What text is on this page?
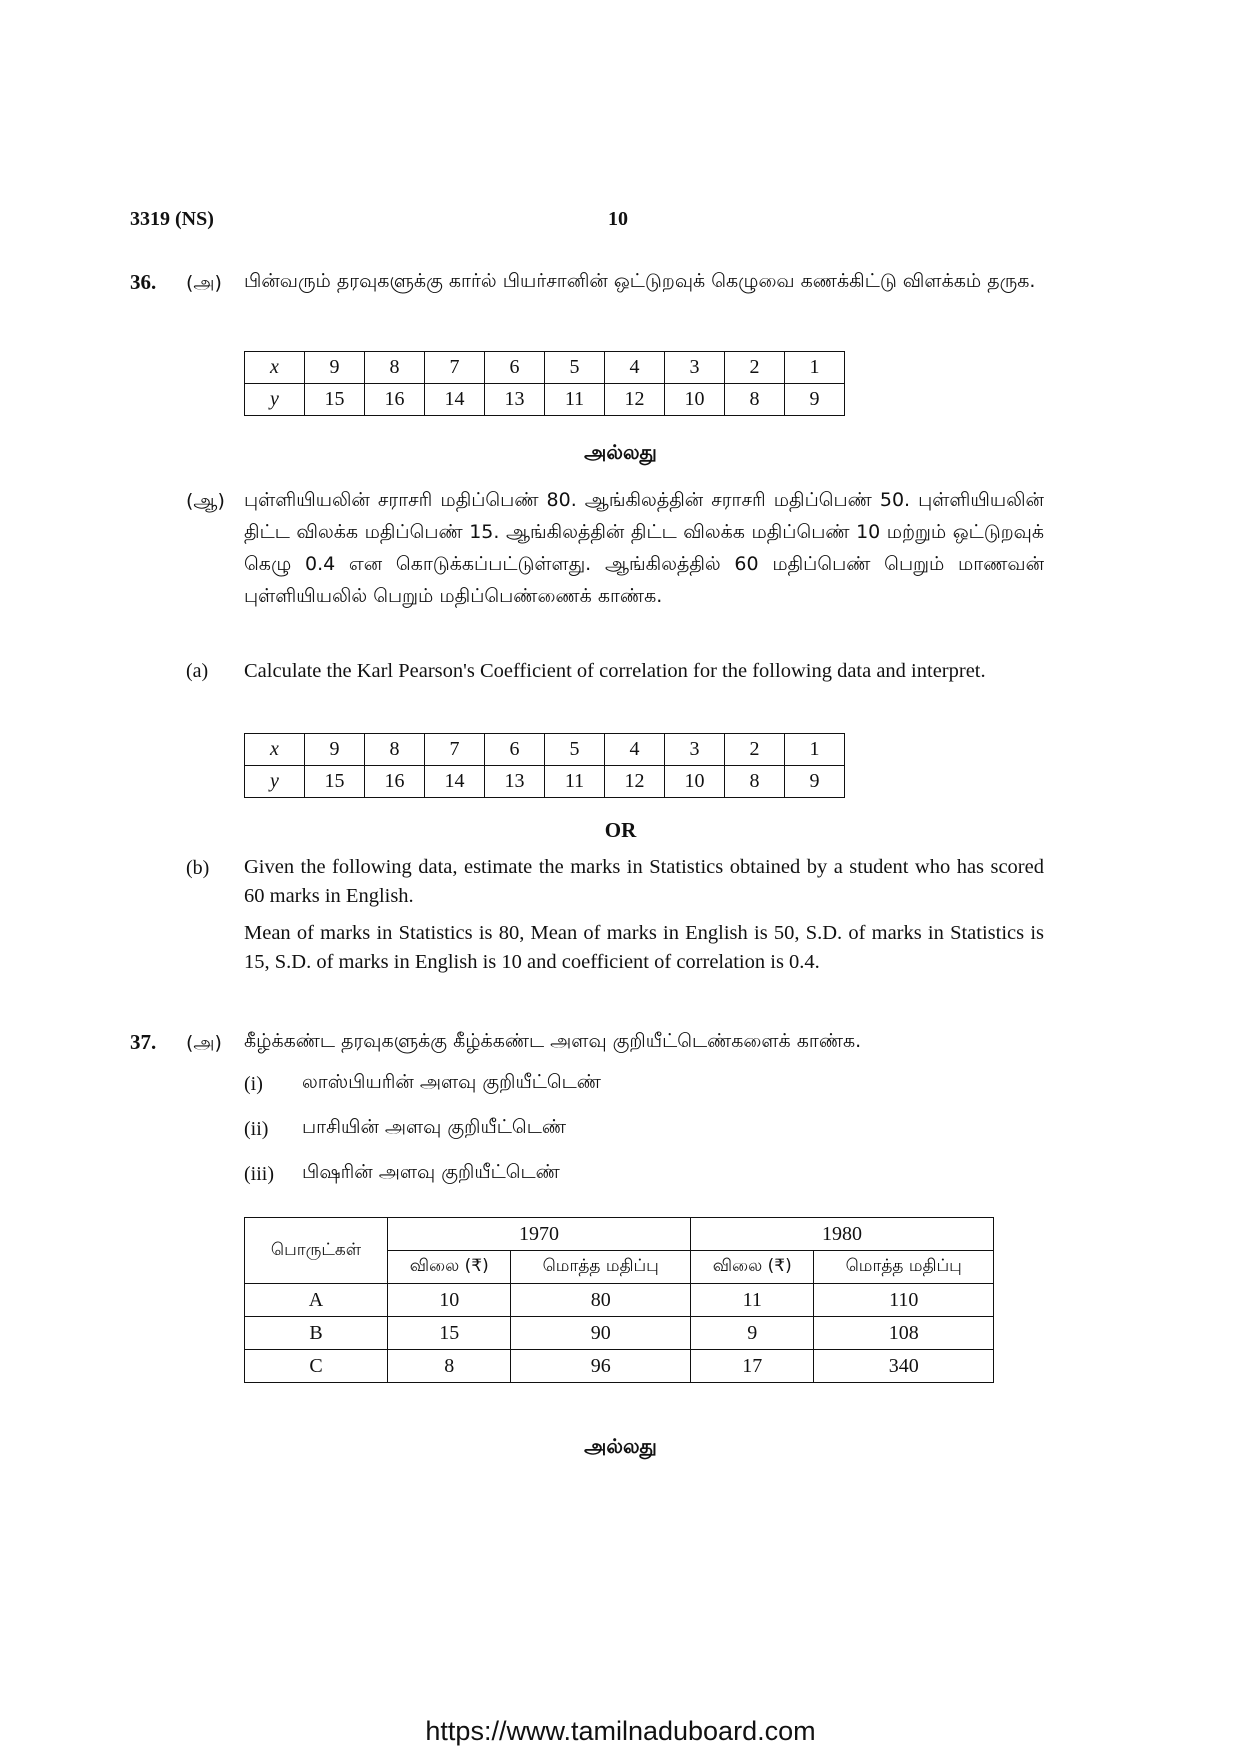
3319 (NS)	10
36. (அ) பின்வரும் தரவுகளுக்கு கார்ல் பியர்சானின் ஒட்டுறவுக் கெழுவை கணக்கிட்டு விளக்கம் தருக.
x	9	8	7	6	5	4	3	2	1
y	15	16	14	13	11	12	10	8	9
அல்லது
(ஆ) புள்ளியியலின் சராசரி மதிப்பெண் 80. ஆங்கிலத்தின் சராசரி மதிப்பெண் 50. புள்ளியியலின் திட்ட விலக்க மதிப்பெண் 15. ஆங்கிலத்தின் திட்ட விலக்க மதிப்பெண் 10 மற்றும் ஒட்டுறவுக் கெழு 0.4 என கொடுக்கப்பட்டுள்ளது. ஆங்கிலத்தில் 60 மதிப்பெண் பெறும் மாணவன் புள்ளியியலில் பெறும் மதிப்பெண்ணைக் காண்க.
(a) Calculate the Karl Pearson's Coefficient of correlation for the following data and interpret.
x	9	8	7	6	5	4	3	2	1
y	15	16	14	13	11	12	10	8	9
OR
(b) Given the following data, estimate the marks in Statistics obtained by a student who has scored 60 marks in English.
Mean of marks in Statistics is 80, Mean of marks in English is 50, S.D. of marks in Statistics is 15, S.D. of marks in English is 10 and coefficient of correlation is 0.4.
37. (அ) கீழ்க்கண்ட தரவுகளுக்கு கீழ்க்கண்ட அளவு குறியீட்டெண்களைக் காண்க.
(i) லாஸ்பியரின் அளவு குறியீட்டெண்
(ii) பாசியின் அளவு குறியீட்டெண்
(iii) பிஷரின் அளவு குறியீட்டெண்
பொருட்கள்	1970		1980	
	விலை (₹)	மொத்த மதிப்பு	விலை (₹)	மொத்த மதிப்பு
A	10	80	11	110
B	15	90	9	108
C	8	96	17	340
அல்லது
https://www.tamilnaduboard.com
